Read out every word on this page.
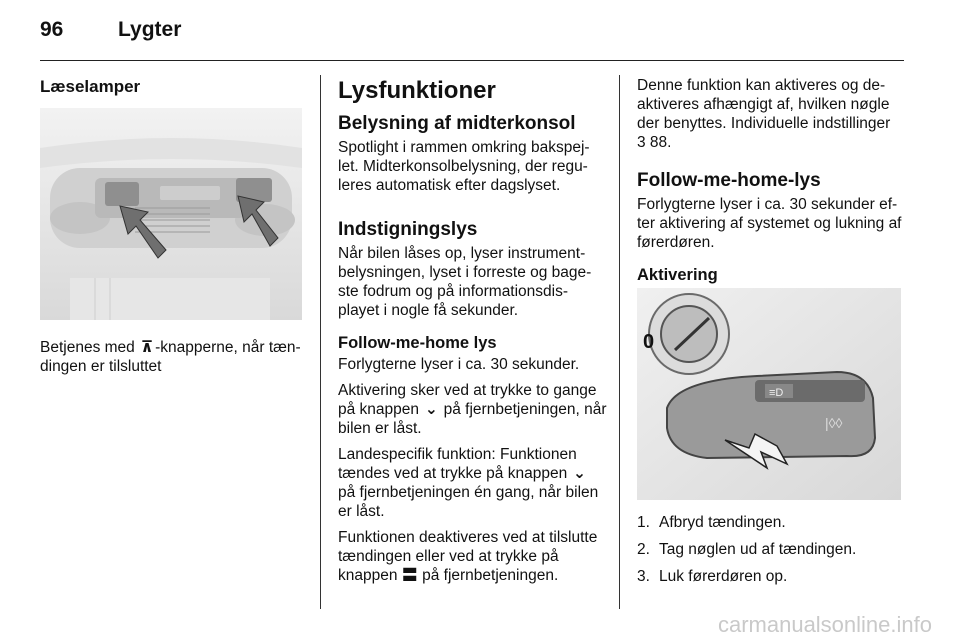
96	Lygter
Læselamper

Betjenes med ⊼ -knapperne, når tæn-dingen er tilsluttet

Lysfunktioner
Belysning af midterkonsol

Spotlight i rammen omkring bakspej-let. Midterkonsolbelysning, der regu-leres automatisk efter dagslyset.

Indstigningslys

Når bilen låses op, lyser instrument-belysningen, lyset i forreste og bage-ste fodrum og på informationsdis-playet i nogle få sekunder.

Follow-me-home lys

Forlygterne lyser i ca. 30 sekunder.

Aktivering sker ved at trykke to gange på knappen ⌄ på fjernbetjeningen, når bilen er låst.

Landespecifik funktion: Funktionen tændes ved at trykke på knappen ⌄ på fjernbetjeningen én gang, når bilen er låst.

Funktionen deaktiveres ved at tilslutte tændingen eller ved at trykke på knappen 〓 på fjernbetjeningen.

Denne funktion kan aktiveres og de-aktiveres afhængigt af, hvilken nøgle der benyttes. Individuelle indstillinger
3 88.

Follow-me-home-lys

Forlygterne lyser i ca. 30 sekunder ef-ter aktivering af systemet og lukning af førerdøren.

Aktivering
0
≡D
|◊◊
1. Afbryd tændingen.
2. Tag nøglen ud af tændingen.
3. Luk førerdøren op.
carmanualsonline.info
